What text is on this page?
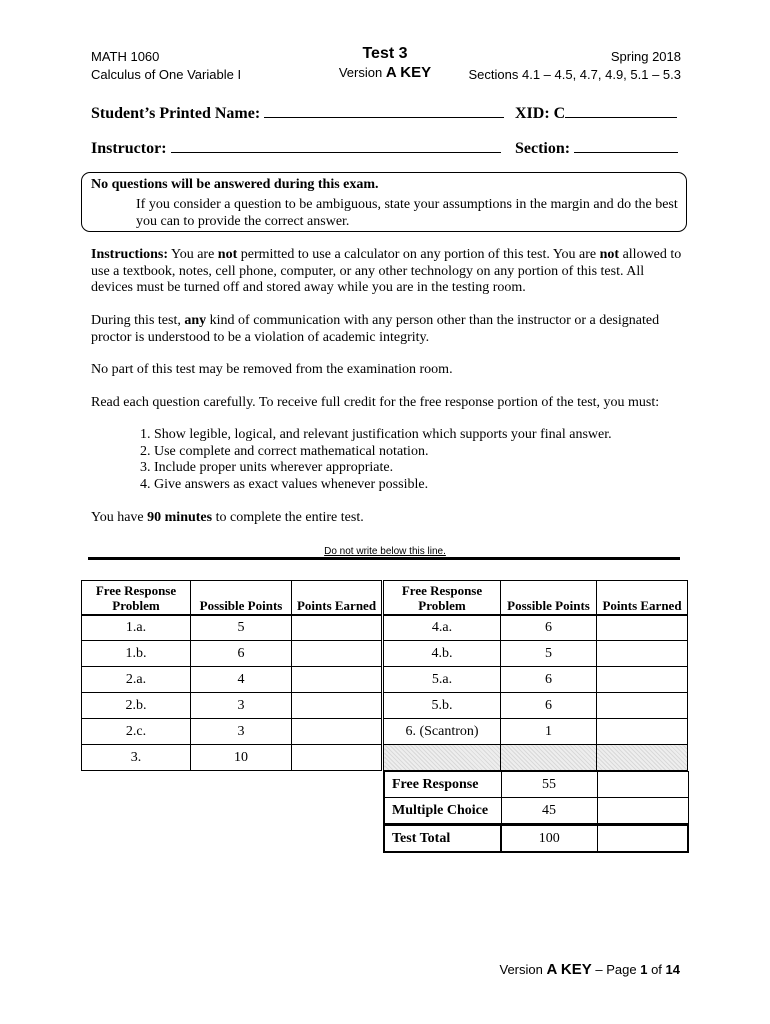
MATH 1060
Calculus of One Variable I
Test 3
Version A KEY
Spring 2018
Sections 4.1 – 4.5, 4.7, 4.9, 5.1 – 5.3
Student’s Printed Name:	XID: C
Instructor:	Section:
No questions will be answered during this exam.
If you consider a question to be ambiguous, state your assumptions in the margin and do the best you can to provide the correct answer.

Instructions: You are not permitted to use a calculator on any portion of this test. You are not allowed to use a textbook, notes, cell phone, computer, or any other technology on any portion of this test. All devices must be turned off and stored away while you are in the testing room.

During this test, any kind of communication with any person other than the instructor or a designated proctor is understood to be a violation of academic integrity.

No part of this test may be removed from the examination room.
Read each question carefully. To receive full credit for the free response portion of the test, you must:
1. Show legible, logical, and relevant justification which supports your final answer.
2. Use complete and correct mathematical notation.
3. Include proper units wherever appropriate.
4. Give answers as exact values whenever possible.

You have 90 minutes to complete the entire test.

Do not write below this line.
Free Response Problem	Possible Points	Points Earned
1.a.	5	
1.b.	6	
2.a.	4	
2.b.	3	
2.c.	3	
3.	10	
Free Response Problem	Possible Points	Points Earned
4.a.	6	
4.b.	5	
5.a.	6	
5.b.	6	
6. (Scantron)	1	

Free Response	55	
Multiple Choice	45	
Test Total	100	
Version A KEY – Page 1 of 14
